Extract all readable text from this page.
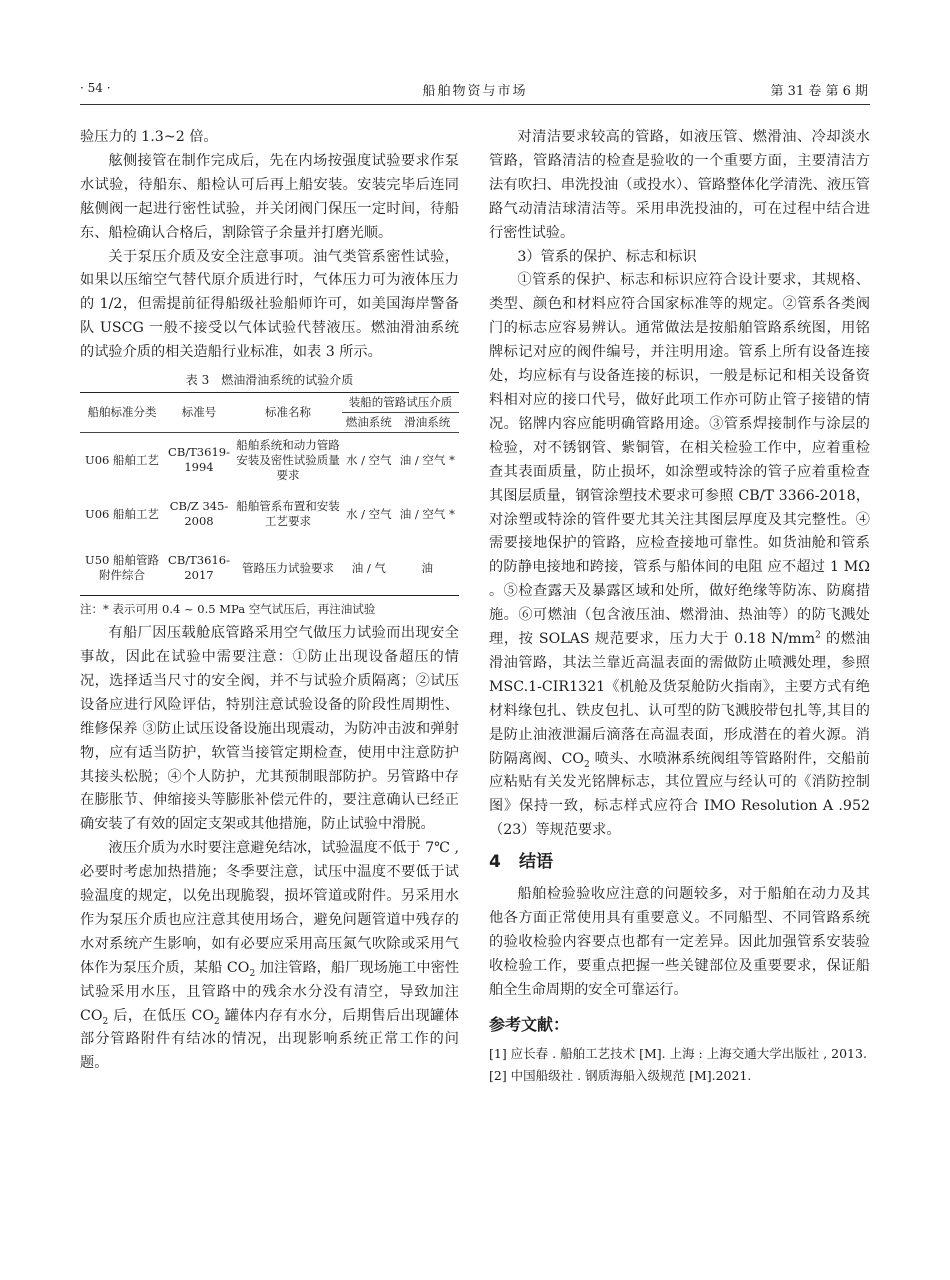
· 54 ·	船舶物资与市场	第 31 卷 第 6 期

验压力的 1.3~2 倍。

舷侧接管在制作完成后，先在内场按强度试验要求作泵水试验，待船东、船检认可后再上船安装。安装完毕后连同舷侧阀一起进行密性试验，并关闭阀门保压一定时间，待船东、船检确认合格后，割除管子余量并打磨光顺。

关于泵压介质及安全注意事项。油气类管系密性试验，如果以压缩空气替代原介质进行时，气体压力可为液体压力的 1/2，但需提前征得船级社验船师许可，如美国海岸警备队 USCG 一般不接受以气体试验代替液压。燃油滑油系统的试验介质的相关造船行业标准，如表 3 所示。

表 3　燃油滑油系统的试验介质
船舶标准分类	标准号	标准名称	装船的管路试压介质	
			燃油系统	滑油系统
U06 船舶工艺	CB/T3619-1994	船舶系统和动力管路安装及密性试验质量要求	水 / 空气	油 / 空气 *
U06 船舶工艺	CB/Z 345-2008	船舶管系布置和安装工艺要求	水 / 空气	油 / 空气 *
U50 船舶管路附件综合	CB/T3616-2017	管路压力试验要求	油 / 气	油
注：* 表示可用 0.4 ~ 0.5 MPa 空气试压后，再注油试验

有船厂因压载舱底管路采用空气做压力试验而出现安全事故，因此在试验中需要注意：①防止出现设备超压的情况，选择适当尺寸的安全阀，并不与试验介质隔离；②试压设备应进行风险评估，特别注意试验设备的阶段性周期性、维修保养 ③防止试压设备设施出现震动，为防冲击波和弹射物，应有适当防护，软管当接管定期检查，使用中注意防护其接头松脱；④个人防护，尤其预制眼部防护。另管路中存在膨胀节、伸缩接头等膨胀补偿元件的，要注意确认已经正确安装了有效的固定支架或其他措施，防止试验中滑脱。

液压介质为水时要注意避免结冰，试验温度不低于 7℃ , 必要时考虑加热措施；冬季要注意，试压中温度不要低于试验温度的规定，以免出现脆裂，损坏管道或附件。另采用水作为泵压介质也应注意其使用场合，避免问题管道中残存的水对系统产生影响，如有必要应采用高压氮气吹除或采用气体作为泵压介质，某船 $CO_2$ 加注管路，船厂现场施工中密性试验采用水压，且管路中的残余水分没有清空，导致加注 $CO_2$ 后，在低压 $CO_2$ 罐体内存有水分，后期售后出现罐体部分管路附件有结冰的情况，出现影响系统正常工作的问题。

对清洁要求较高的管路，如液压管、燃滑油、冷却淡水管路，管路清洁的检查是验收的一个重要方面，主要清洁方法有吹扫、串洗投油（或投水）、管路整体化学清洗、液压管路气动清洁球清洁等。采用串洗投油的，可在过程中结合进行密性试验。

3）管系的保护、标志和标识

①管系的保护、标志和标识应符合设计要求，其规格、类型、颜色和材料应符合国家标准等的规定。②管系各类阀门的标志应容易辨认。通常做法是按船舶管路系统图，用铭牌标记对应的阀件编号，并注明用途。管系上所有设备连接处，均应标有与设备连接的标识，一般是标记和相关设备资料相对应的接口代号，做好此项工作亦可防止管子接错的情况。铭牌内容应能明确管路用途。③管系焊接制作与涂层的检验，对不锈钢管、紫铜管，在相关检验工作中，应着重检查其表面质量，防止损坏，如涂塑或特涂的管子应着重检查其图层质量，钢管涂塑技术要求可参照 CB/T 3366-2018，对涂塑或特涂的管件要尤其关注其图层厚度及其完整性。④需要接地保护的管路，应检查接地可靠性。如货油舱和管系的防静电接地和跨接，管系与船体间的电阻 应不超过 1 MΩ 。⑤检查露天及暴露区域和处所，做好绝缘等防冻、防腐措施。⑥可燃油（包含液压油、燃滑油、热油等）的防飞溅处理，按 SOLAS 规范要求，压力大于 0.18 $N/mm^2$ 的燃油滑油管路，其法兰靠近高温表面的需做防止喷溅处理，参照 MSC.1-CIR1321《机舱及货泵舱防火指南》，主要方式有绝材料缘包扎、铁皮包扎、认可型的防飞溅胶带包扎等,其目的是防止油液泄漏后滴落在高温表面，形成潜在的着火源。消防隔离阀、$CO_2$ 喷头、水喷淋系统阀组等管路附件，交船前应粘贴有关发光铭牌标志，其位置应与经认可的《消防控制图》保持一致，标志样式应符合 IMO Resolution A .952（23）等规范要求。

4 结语

船舶检验验收应注意的问题较多，对于船舶在动力及其他各方面正常使用具有重要意义。不同船型、不同管路系统的验收检验内容要点也都有一定差异。因此加强管系安装验收检验工作，要重点把握一些关键部位及重要要求，保证船舶全生命周期的安全可靠运行。

参考文献：

[1] 应长春 . 船舶工艺技术 [M]. 上海 : 上海交通大学出版社 , 2013.

[2] 中国船级社 . 钢质海船入级规范 [M].2021.
